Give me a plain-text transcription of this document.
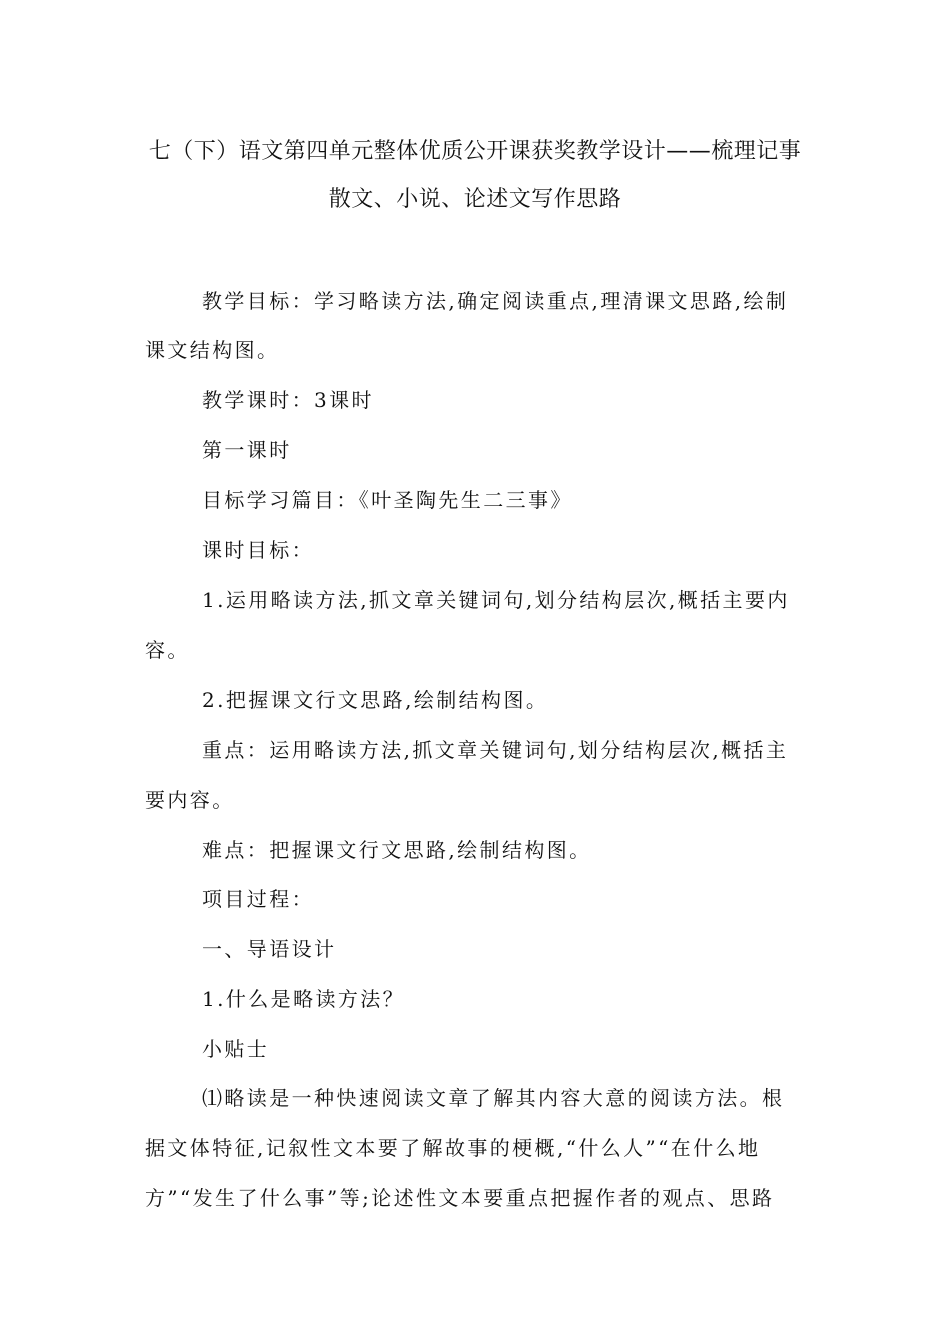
七（下）语文第四单元整体优质公开课获奖教学设计——梳理记事
散文、小说、论述文写作思路
教学目标：学习略读方法,确定阅读重点,理清课文思路,绘制
课文结构图。
教学课时：3课时
第一课时
目标学习篇目：《叶圣陶先生二三事》
课时目标：
1.运用略读方法,抓文章关键词句,划分结构层次,概括主要内
容。
2.把握课文行文思路,绘制结构图。
重点：运用略读方法,抓文章关键词句,划分结构层次,概括主
要内容。
难点：把握课文行文思路,绘制结构图。
项目过程：
一、导语设计
1.什么是略读方法？
小贴士
⑴略读是一种快速阅读文章了解其内容大意的阅读方法。根
据文体特征,记叙性文本要了解故事的梗概,“什么人”“在什么地
方”“发生了什么事”等;论述性文本要重点把握作者的观点、思路
